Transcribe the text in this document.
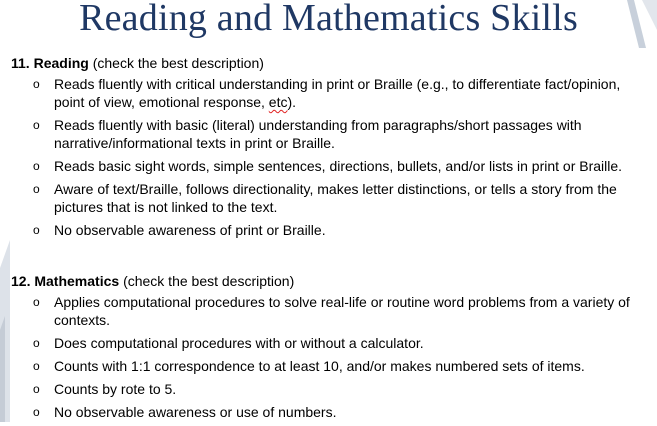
Reading and Mathematics Skills
11. Reading (check the best description)
o Reads fluently with critical understanding in print or Braille (e.g., to differentiate fact/opinion, point of view, emotional response, etc).
o Reads fluently with basic (literal) understanding from paragraphs/short passages with narrative/informational texts in print or Braille.
o Reads basic sight words, simple sentences, directions, bullets, and/or lists in print or Braille.
o Aware of text/Braille, follows directionality, makes letter distinctions, or tells a story from the pictures that is not linked to the text.
o No observable awareness of print or Braille.
12. Mathematics (check the best description)
o Applies computational procedures to solve real-life or routine word problems from a variety of contexts.
o Does computational procedures with or without a calculator.
o Counts with 1:1 correspondence to at least 10, and/or makes numbered sets of items.
o Counts by rote to 5.
o No observable awareness or use of numbers.
